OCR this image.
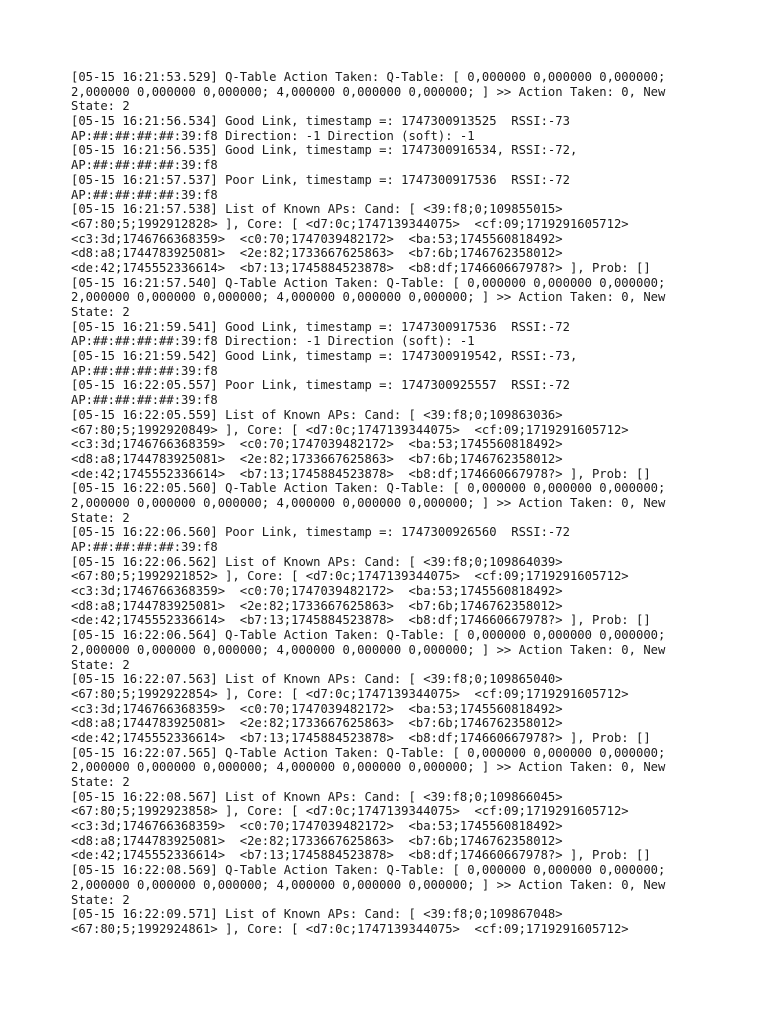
[05-15 16:21:53.529] Q-Table Action Taken: Q-Table: [ 0,000000 0,000000 0,000000;
2,000000 0,000000 0,000000; 4,000000 0,000000 0,000000; ] >> Action Taken: 0, New
State: 2
[05-15 16:21:56.534] Good Link, timestamp =: 1747300913525  RSSI:-73
AP:##:##:##:##:39:f8 Direction: -1 Direction (soft): -1
[05-15 16:21:56.535] Good Link, timestamp =: 1747300916534, RSSI:-72,
AP:##:##:##:##:39:f8
[05-15 16:21:57.537] Poor Link, timestamp =: 1747300917536  RSSI:-72
AP:##:##:##:##:39:f8
[05-15 16:21:57.538] List of Known APs: Cand: [ <39:f8;0;109855015>
<67:80;5;1992912828> ], Core: [ <d7:0c;1747139344075>  <cf:09;1719291605712>
<c3:3d;1746766368359>  <c0:70;1747039482172>  <ba:53;1745560818492>
<d8:a8;1744783925081>  <2e:82;1733667625863>  <b7:6b;1746762358012>
<de:42;1745552336614>  <b7:13;1745884523878>  <b8:df;174660667978?> ], Prob: []
[05-15 16:21:57.540] Q-Table Action Taken: Q-Table: [ 0,000000 0,000000 0,000000;
2,000000 0,000000 0,000000; 4,000000 0,000000 0,000000; ] >> Action Taken: 0, New
State: 2
[05-15 16:21:59.541] Good Link, timestamp =: 1747300917536  RSSI:-72
AP:##:##:##:##:39:f8 Direction: -1 Direction (soft): -1
[05-15 16:21:59.542] Good Link, timestamp =: 1747300919542, RSSI:-73,
AP:##:##:##:##:39:f8
[05-15 16:22:05.557] Poor Link, timestamp =: 1747300925557  RSSI:-72
AP:##:##:##:##:39:f8
[05-15 16:22:05.559] List of Known APs: Cand: [ <39:f8;0;109863036>
<67:80;5;1992920849> ], Core: [ <d7:0c;1747139344075>  <cf:09;1719291605712>
<c3:3d;1746766368359>  <c0:70;1747039482172>  <ba:53;1745560818492>
<d8:a8;1744783925081>  <2e:82;1733667625863>  <b7:6b;1746762358012>
<de:42;1745552336614>  <b7:13;1745884523878>  <b8:df;174660667978?> ], Prob: []
[05-15 16:22:05.560] Q-Table Action Taken: Q-Table: [ 0,000000 0,000000 0,000000;
2,000000 0,000000 0,000000; 4,000000 0,000000 0,000000; ] >> Action Taken: 0, New
State: 2
[05-15 16:22:06.560] Poor Link, timestamp =: 1747300926560  RSSI:-72
AP:##:##:##:##:39:f8
[05-15 16:22:06.562] List of Known APs: Cand: [ <39:f8;0;109864039>
<67:80;5;1992921852> ], Core: [ <d7:0c;1747139344075>  <cf:09;1719291605712>
<c3:3d;1746766368359>  <c0:70;1747039482172>  <ba:53;1745560818492>
<d8:a8;1744783925081>  <2e:82;1733667625863>  <b7:6b;1746762358012>
<de:42;1745552336614>  <b7:13;1745884523878>  <b8:df;174660667978?> ], Prob: []
[05-15 16:22:06.564] Q-Table Action Taken: Q-Table: [ 0,000000 0,000000 0,000000;
2,000000 0,000000 0,000000; 4,000000 0,000000 0,000000; ] >> Action Taken: 0, New
State: 2
[05-15 16:22:07.563] List of Known APs: Cand: [ <39:f8;0;109865040>
<67:80;5;1992922854> ], Core: [ <d7:0c;1747139344075>  <cf:09;1719291605712>
<c3:3d;1746766368359>  <c0:70;1747039482172>  <ba:53;1745560818492>
<d8:a8;1744783925081>  <2e:82;1733667625863>  <b7:6b;1746762358012>
<de:42;1745552336614>  <b7:13;1745884523878>  <b8:df;174660667978?> ], Prob: []
[05-15 16:22:07.565] Q-Table Action Taken: Q-Table: [ 0,000000 0,000000 0,000000;
2,000000 0,000000 0,000000; 4,000000 0,000000 0,000000; ] >> Action Taken: 0, New
State: 2
[05-15 16:22:08.567] List of Known APs: Cand: [ <39:f8;0;109866045>
<67:80;5;1992923858> ], Core: [ <d7:0c;1747139344075>  <cf:09;1719291605712>
<c3:3d;1746766368359>  <c0:70;1747039482172>  <ba:53;1745560818492>
<d8:a8;1744783925081>  <2e:82;1733667625863>  <b7:6b;1746762358012>
<de:42;1745552336614>  <b7:13;1745884523878>  <b8:df;174660667978?> ], Prob: []
[05-15 16:22:08.569] Q-Table Action Taken: Q-Table: [ 0,000000 0,000000 0,000000;
2,000000 0,000000 0,000000; 4,000000 0,000000 0,000000; ] >> Action Taken: 0, New
State: 2
[05-15 16:22:09.571] List of Known APs: Cand: [ <39:f8;0;109867048>
<67:80;5;1992924861> ], Core: [ <d7:0c;1747139344075>  <cf:09;1719291605712>
